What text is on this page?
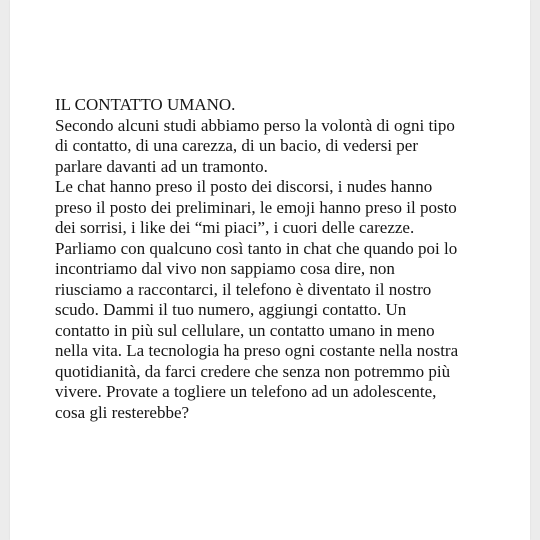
IL CONTATTO UMANO.
Secondo alcuni studi abbiamo perso la volontà di ogni tipo
di contatto, di una carezza, di un bacio, di vedersi per
parlare davanti ad un tramonto.
Le chat hanno preso il posto dei discorsi, i nudes hanno
preso il posto dei preliminari, le emoji hanno preso il posto
dei sorrisi, i like dei “mi piaci”, i cuori delle carezze.
Parliamo con qualcuno così tanto in chat che quando poi lo
incontriamo dal vivo non sappiamo cosa dire, non
riusciamo a raccontarci, il telefono è diventato il nostro
scudo. Dammi il tuo numero, aggiungi contatto. Un
contatto in più sul cellulare, un contatto umano in meno
nella vita. La tecnologia ha preso ogni costante nella nostra
quotidianità, da farci credere che senza non potremmo più
vivere. Provate a togliere un telefono ad un adolescente,
cosa gli resterebbe?
